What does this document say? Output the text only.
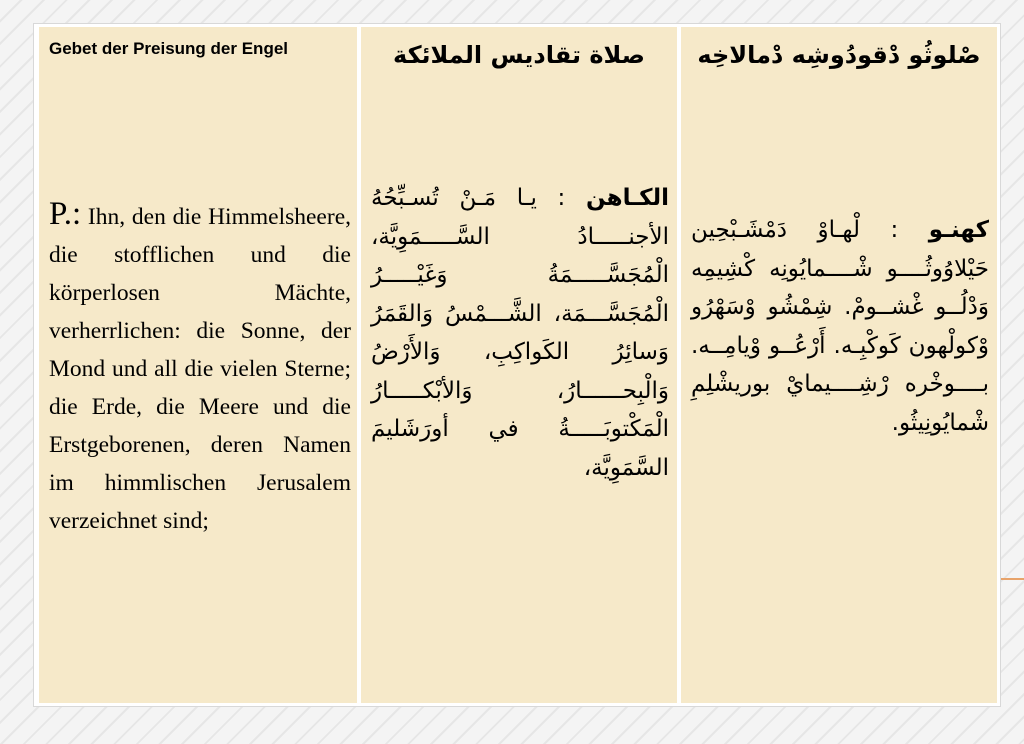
Gebet der Preisung der Engel
P.: Ihn, den die Himmelsheere, die stofflichen und die körperlosen Mächte, verherrlichen: die Sonne, der Mond und all die vielen Sterne; die Erde, die Meere und die Erstgeborenen, deren Namen im himmlischen Jerusalem verzeichnet sind;
صلاة تقاديس الملائكة
الكـاهن : يـا مَـنْ تُسـبِّحُهُ الأجنـــــادُ السَّـــــمَوِيَّة، الْمُجَسَّـــــمَةُ وَغَيْـــــرُ الْمُجَسَّـــمَة، الشَّـــمْسُ وَالقَمَرُ وَسائِرُ الكَواكِبِ، وَالأَرْضُ وَالْبِحــــــارُ، وَالأبْكـــــارُ الْمَكْتوبَـــــةُ في أورَشَليمَ السَّمَوِيَّة،
صْلوثُو دْقودُوشِه دْمالاخِه
كهنـو : لْهـاوْ دَمْشَـبْحِين حَيْلاوُوثُــــو شْــــمايُونِه كْشِيمِه وَدْلُــو غْشــومْ. شِمْشُو وْسَهْرُو وْكولْهون كَوكْبِـه. أَرْعُــو وْيامِــه. بــــوخْره رْشِــــيمايْ بوريشْلِمِ شْمايُونِيثُو.
